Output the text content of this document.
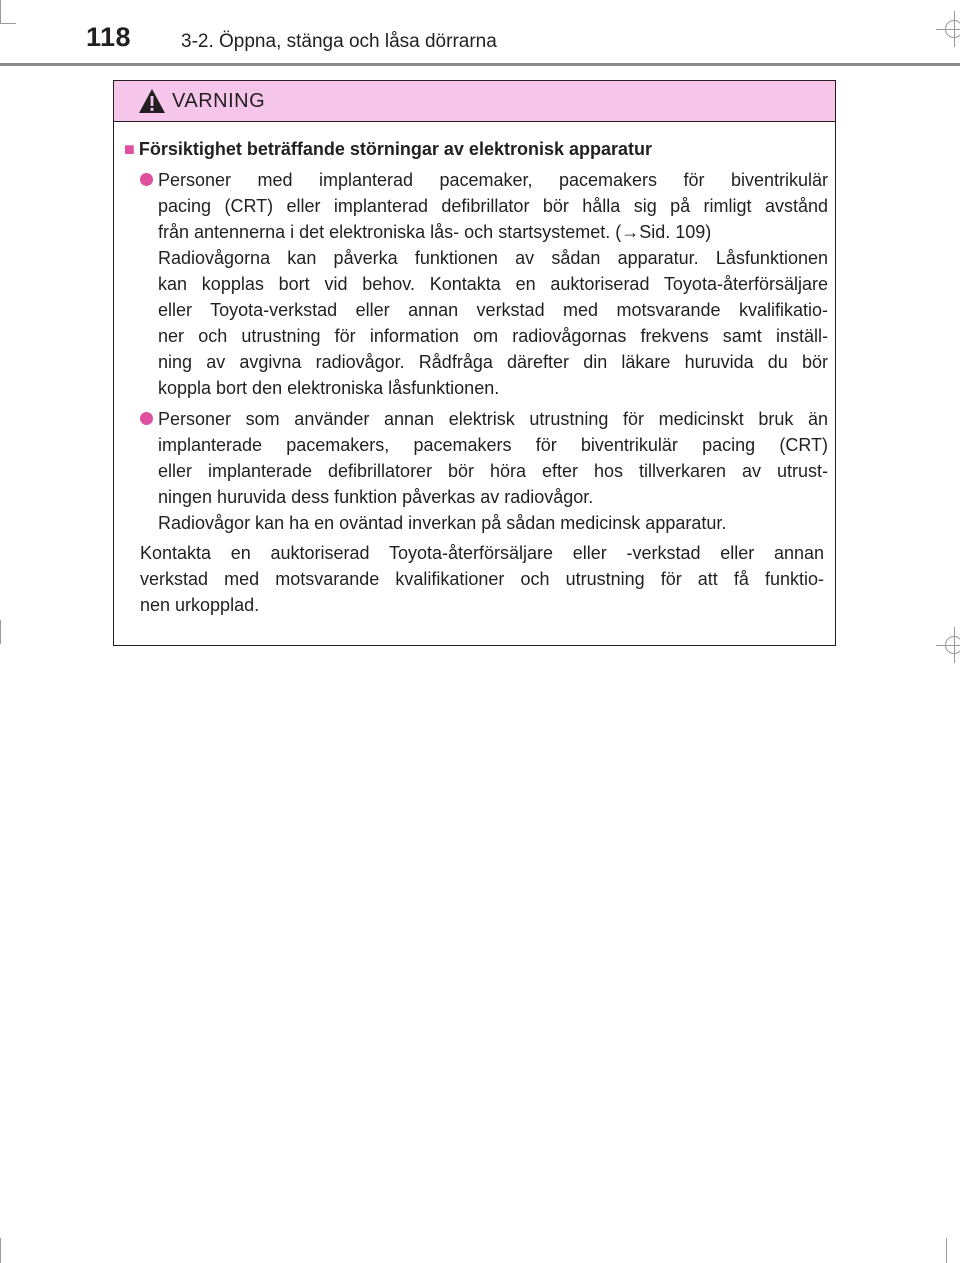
118	3-2. Öppna, stänga och låsa dörrarna
VARNING
■ Försiktighet beträffande störningar av elektronisk apparatur
Personer med implanterad pacemaker, pacemakers för biventrikulär
pacing (CRT) eller implanterad defibrillator bör hålla sig på rimligt avstånd
från antennerna i det elektroniska lås- och startsystemet. (→Sid. 109)
Radiovågorna kan påverka funktionen av sådan apparatur. Låsfunktionen
kan kopplas bort vid behov. Kontakta en auktoriserad Toyota-återförsäljare
eller Toyota-verkstad eller annan verkstad med motsvarande kvalifikatio-
ner och utrustning för information om radiovågornas frekvens samt inställ-
ning av avgivna radiovågor. Rådfråga därefter din läkare huruvida du bör
koppla bort den elektroniska låsfunktionen.
Personer som använder annan elektrisk utrustning för medicinskt bruk än
implanterade pacemakers, pacemakers för biventrikulär pacing (CRT)
eller implanterade defibrillatorer bör höra efter hos tillverkaren av utrust-
ningen huruvida dess funktion påverkas av radiovågor.
Radiovågor kan ha en oväntad inverkan på sådan medicinsk apparatur.
Kontakta en auktoriserad Toyota-återförsäljare eller -verkstad eller annan
verkstad med motsvarande kvalifikationer och utrustning för att få funktio-
nen urkopplad.
